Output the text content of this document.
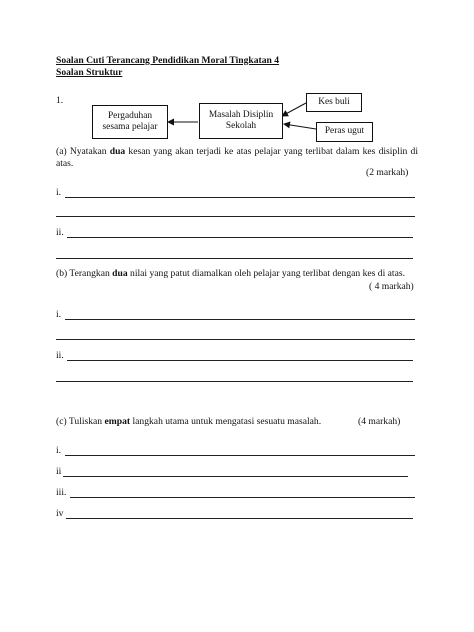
Soalan Cuti Terancang Pendidikan Moral Tingkatan 4
Soalan Struktur
1.
Pergaduhan sesama pelajar
Masalah Disiplin Sekolah
Kes buli
Peras ugut
(a) Nyatakan dua kesan yang akan terjadi ke atas pelajar yang terlibat dalam kes disiplin di atas.
(2 markah)
i.
ii.
(b) Terangkan dua nilai yang patut diamalkan oleh pelajar yang terlibat dengan kes di atas.
( 4 markah)
i.
ii.
(c) Tuliskan empat langkah utama untuk mengatasi sesuatu masalah.	(4 markah)
i.
ii
iii.
iv
